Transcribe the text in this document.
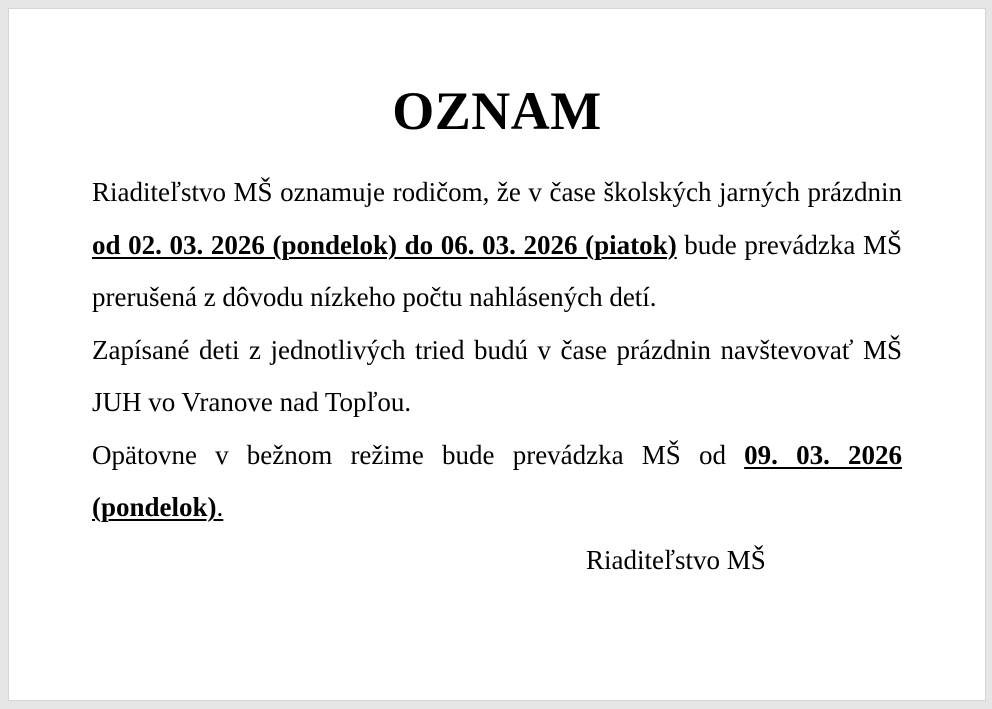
OZNAM

Riaditeľstvo MŠ oznamuje rodičom, že v čase školských jarných prázdnin od 02. 03. 2026 (pondelok) do 06. 03. 2026 (piatok) bude prevádzka MŠ prerušená z dôvodu nízkeho počtu nahlásených detí.

Zapísané deti z jednotlivých tried budú v čase prázdnin navštevovať MŠ JUH vo Vranove nad Topľou.

Opätovne v bežnom režime bude prevádzka MŠ od 09. 03. 2026 (pondelok).

Riaditeľstvo MŠ
